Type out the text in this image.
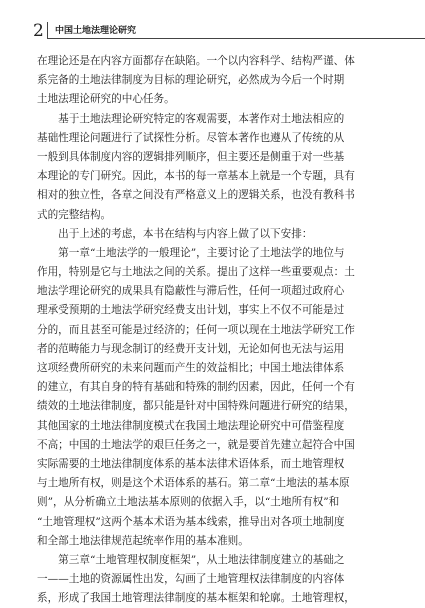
2 中国土地法理论研究
在理论还是在内容方面都存在缺陷。一个以内容科学、结构严谨、体
系完备的土地法律制度为目标的理论研究，必然成为今后一个时期
土地法理论研究的中心任务。
　　基于土地法理论研究特定的客观需要，本著作对土地法相应的
基础性理论问题进行了试探性分析。尽管本著作也遵从了传统的从
一般到具体制度内容的逻辑排列顺序，但主要还是侧重于对一些基
本理论的专门研究。因此，本书的每一章基本上就是一个专题，具有
相对的独立性，各章之间没有严格意义上的逻辑关系，也没有教科书
式的完整结构。
　　出于上述的考虑，本书在结构与内容上做了以下安排：
　　第一章“土地法学的一般理论”，主要讨论了土地法学的地位与
作用，特别是它与土地法之间的关系。提出了这样一些重要观点：土
地法学理论研究的成果具有隐蔽性与滞后性，任何一项超过政府心
理承受预期的土地法学研究经费支出计划，事实上不仅不可能是过
分的，而且甚至可能是过经济的；任何一项以现在土地法学研究工作
者的范畴能力与现念制订的经费开支计划，无论如何也无法与运用
这项经费所研究的未来问题而产生的效益相比；中国土地法律体系
的建立，有其自身的特有基础和特殊的制约因素，因此，任何一个有
绩效的土地法律制度，都只能是针对中国特殊问题进行研究的结果，
其他国家的土地法律制度模式在我国土地法理论研究中可借鉴程度
不高；中国的土地法学的艰巨任务之一，就是要首先建立起符合中国
实际需要的土地法律制度体系的基本法律术语体系，而土地管理权
与土地所有权，则是这个术语体系的基石。第二章“土地法的基本原
则”，从分析确立土地法基本原则的依据入手，以“土地所有权”和
“土地管理权”这两个基本术语为基本线索，推导出对各项土地制度
和全部土地法律规范起统率作用的基本准则。
　　第三章“土地管理权制度框架”，从土地法律制度建立的基础之
一——土地的资源属性出发，勾画了土地管理权法律制度的内容体
系，形成了我国土地管理法律制度的基本框架和轮廓。土地管理权，
